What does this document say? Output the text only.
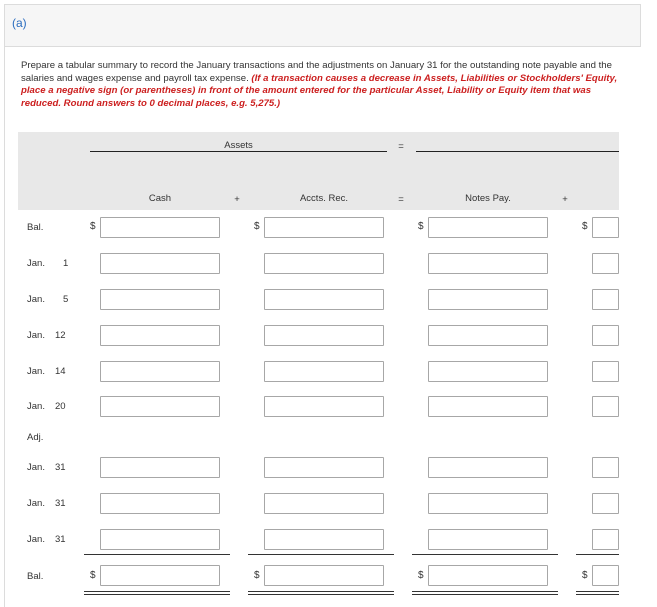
(a)
Prepare a tabular summary to record the January transactions and the adjustments on January 31 for the outstanding note payable and the salaries and wages expense and payroll tax expense. (If a transaction causes a decrease in Assets, Liabilities or Stockholders' Equity, place a negative sign (or parentheses) in front of the amount entered for the particular Asset, Liability or Equity item that was reduced. Round answers to 0 decimal places, e.g. 5,275.)
Assets	=
Cash	+	Accts. Rec.	=	Notes Pay.	+
Bal.	$	$	$	$
Jan. 1
Jan. 5
Jan. 12
Jan. 14
Jan. 20
Adj.
Jan. 31
Jan. 31
Jan. 31
Bal.	$	$	$	$
